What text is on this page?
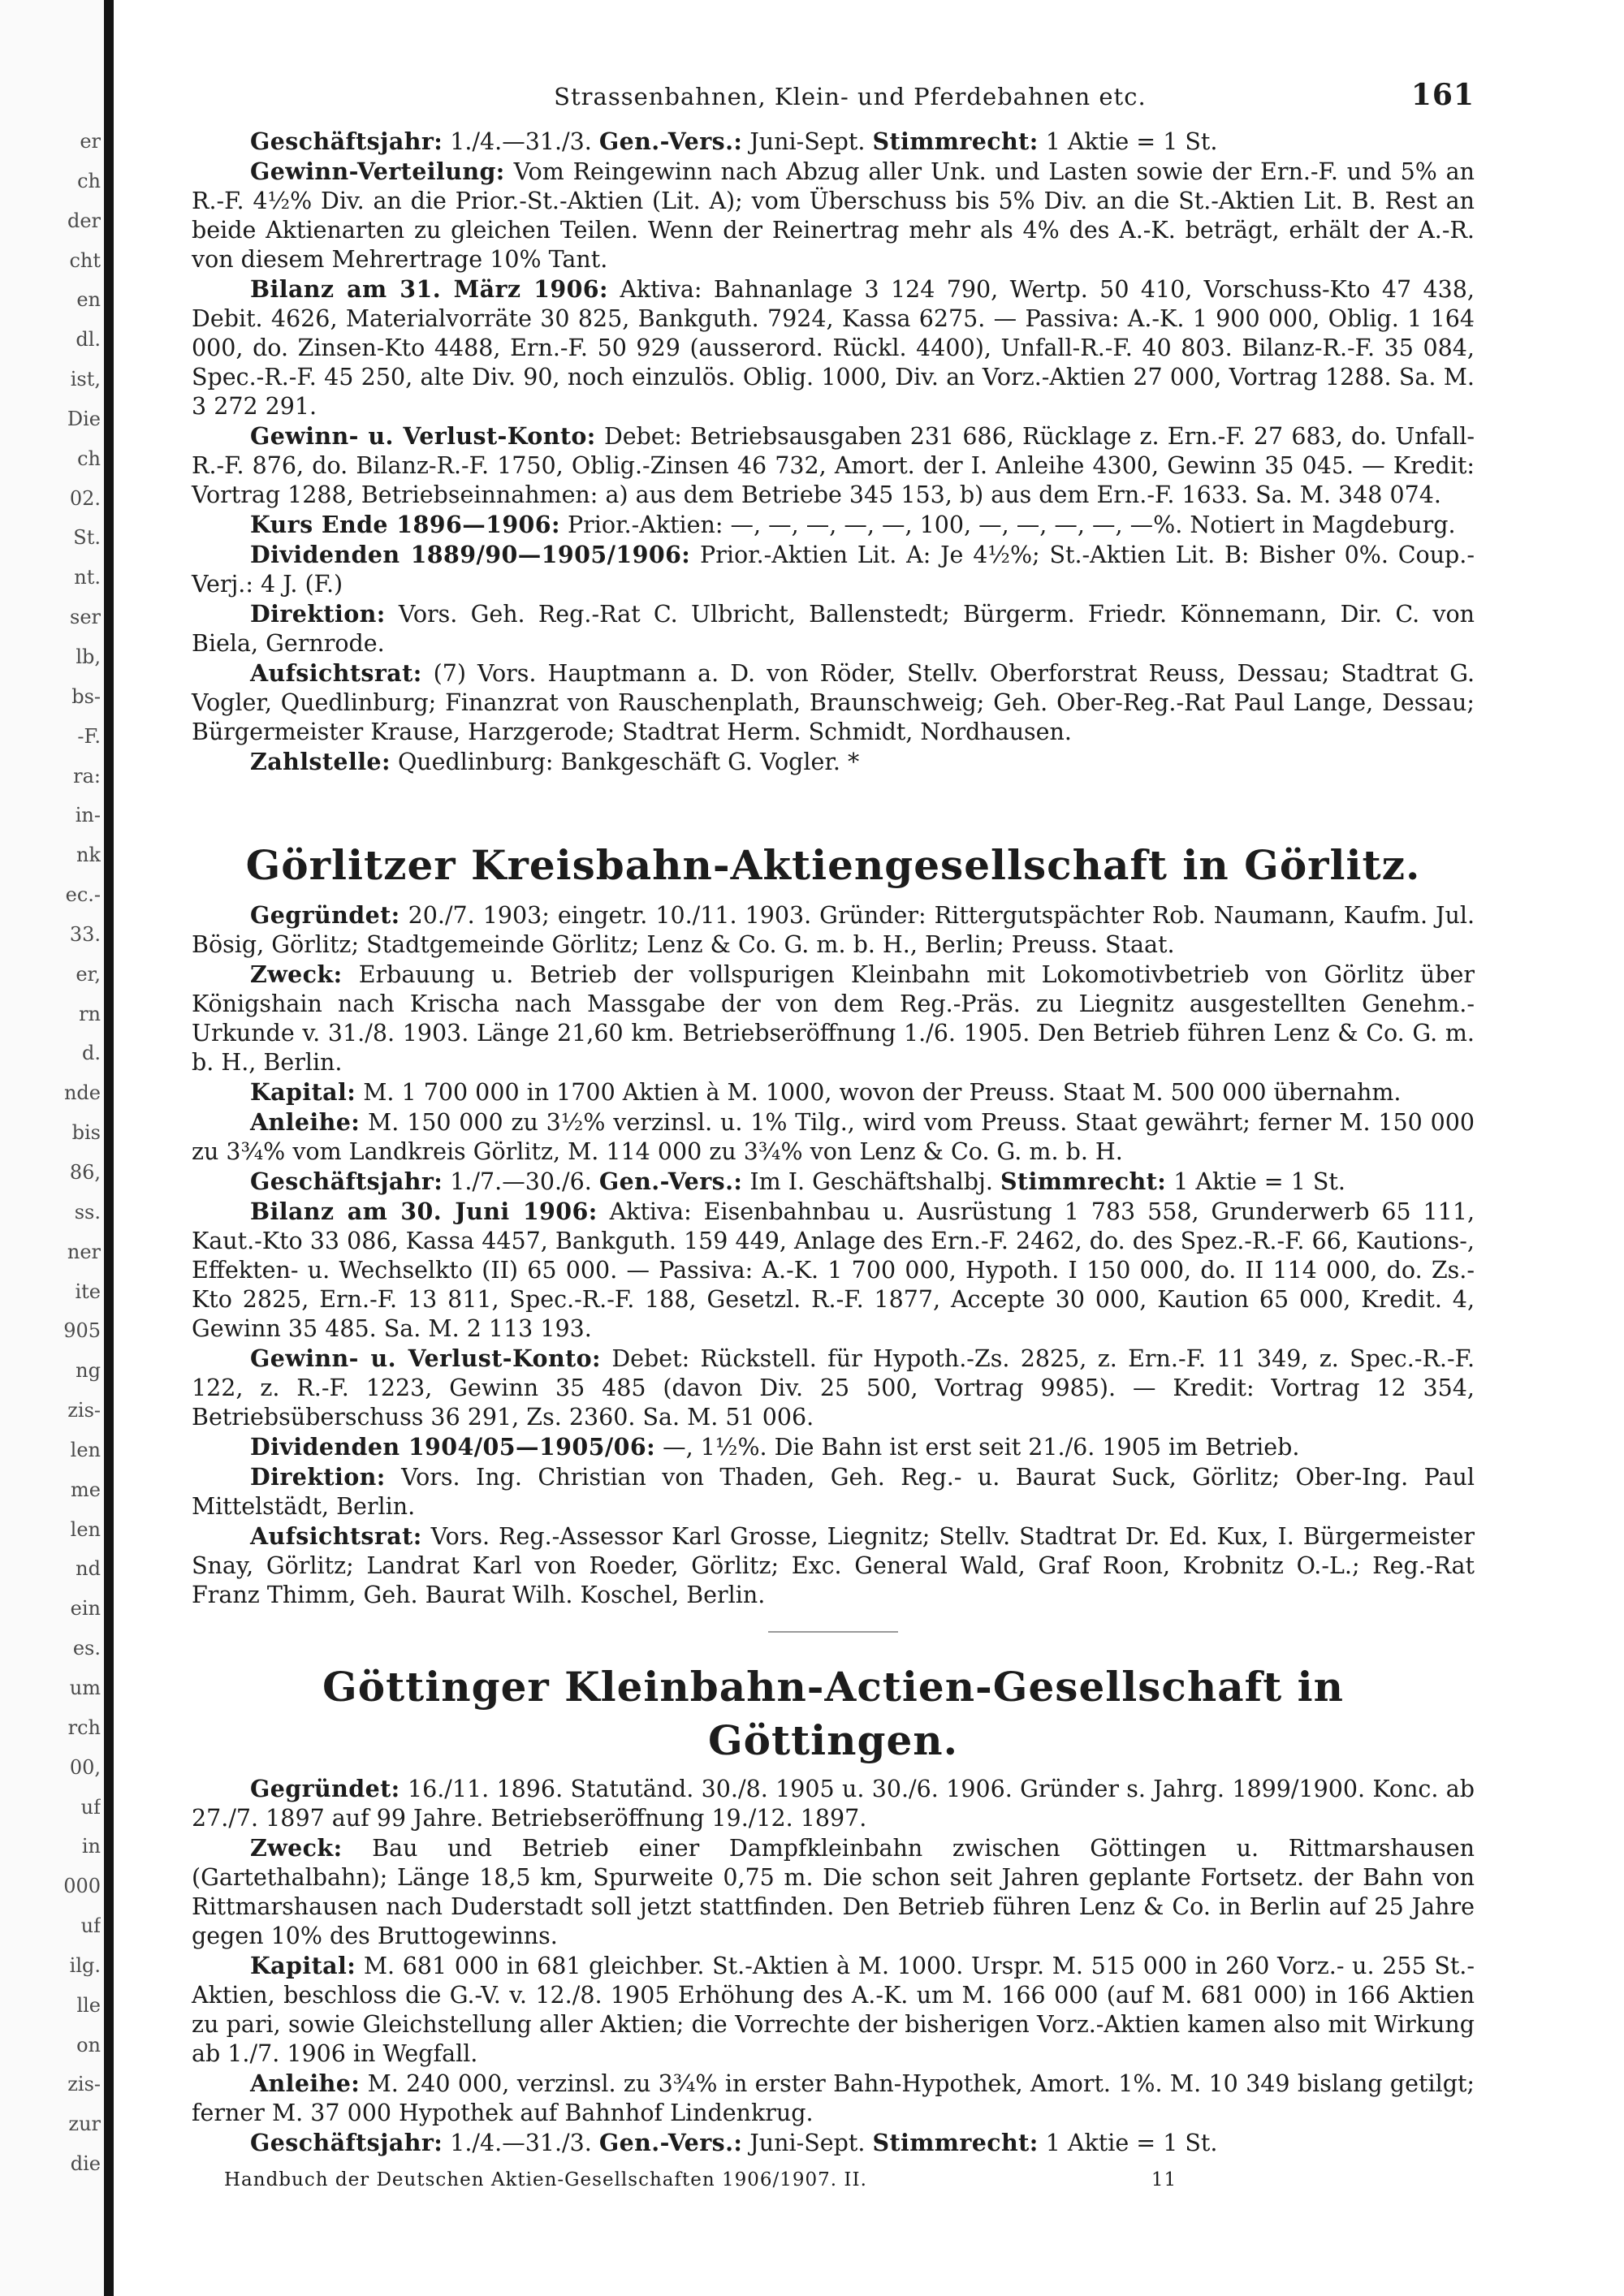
er
ch
der
cht
en
dl.
ist,
Die
ch
02.
St.
nt.
ser
lb,
bs-
-F.
ra:
in-
nk
ec.-
33.
er,
rn
d.
nde
bis
86,
ss.
ner
ite
905
ng
zis-
len
me
len
nd
ein
es.
um
rch
00,
uf
in
000
uf
ilg.
lle
on
zis-
zur
die
Strassenbahnen, Klein- und Pferdebahnen etc.	161

Geschäftsjahr: 1./4.—31./3. Gen.-Vers.: Juni-Sept. Stimmrecht: 1 Aktie = 1 St.

Gewinn-Verteilung: Vom Reingewinn nach Abzug aller Unk. und Lasten sowie der Ern.-F. und 5% an R.-F. 4½% Div. an die Prior.-St.-Aktien (Lit. A); vom Überschuss bis 5% Div. an die St.-Aktien Lit. B. Rest an beide Aktienarten zu gleichen Teilen. Wenn der Reinertrag mehr als 4% des A.-K. beträgt, erhält der A.-R. von diesem Mehrertrage 10% Tant.

Bilanz am 31. März 1906: Aktiva: Bahnanlage 3 124 790, Wertp. 50 410, Vorschuss-Kto 47 438, Debit. 4626, Materialvorräte 30 825, Bankguth. 7924, Kassa 6275. — Passiva: A.-K. 1 900 000, Oblig. 1 164 000, do. Zinsen-Kto 4488, Ern.-F. 50 929 (ausserord. Rückl. 4400), Unfall-R.-F. 40 803. Bilanz-R.-F. 35 084, Spec.-R.-F. 45 250, alte Div. 90, noch einzulös. Oblig. 1000, Div. an Vorz.-Aktien 27 000, Vortrag 1288. Sa. M. 3 272 291.

Gewinn- u. Verlust-Konto: Debet: Betriebsausgaben 231 686, Rücklage z. Ern.-F. 27 683, do. Unfall-R.-F. 876, do. Bilanz-R.-F. 1750, Oblig.-Zinsen 46 732, Amort. der I. Anleihe 4300, Gewinn 35 045. — Kredit: Vortrag 1288, Betriebseinnahmen: a) aus dem Betriebe 345 153, b) aus dem Ern.-F. 1633. Sa. M. 348 074.

Kurs Ende 1896—1906: Prior.-Aktien: —, —, —, —, —, 100, —, —, —, —, —%. Notiert in Magdeburg.

Dividenden 1889/90—1905/1906: Prior.-Aktien Lit. A: Je 4½%; St.-Aktien Lit. B: Bisher 0%. Coup.-Verj.: 4 J. (F.)

Direktion: Vors. Geh. Reg.-Rat C. Ulbricht, Ballenstedt; Bürgerm. Friedr. Könnemann, Dir. C. von Biela, Gernrode.

Aufsichtsrat: (7) Vors. Hauptmann a. D. von Röder, Stellv. Oberforstrat Reuss, Dessau; Stadtrat G. Vogler, Quedlinburg; Finanzrat von Rauschenplath, Braunschweig; Geh. Ober-Reg.-Rat Paul Lange, Dessau; Bürgermeister Krause, Harzgerode; Stadtrat Herm. Schmidt, Nordhausen.

Zahlstelle: Quedlinburg: Bankgeschäft G. Vogler. *

Görlitzer Kreisbahn-Aktiengesellschaft in Görlitz.

Gegründet: 20./7. 1903; eingetr. 10./11. 1903. Gründer: Rittergutspächter Rob. Naumann, Kaufm. Jul. Bösig, Görlitz; Stadtgemeinde Görlitz; Lenz & Co. G. m. b. H., Berlin; Preuss. Staat.

Zweck: Erbauung u. Betrieb der vollspurigen Kleinbahn mit Lokomotivbetrieb von Görlitz über Königshain nach Krischa nach Massgabe der von dem Reg.-Präs. zu Liegnitz ausgestellten Genehm.-Urkunde v. 31./8. 1903. Länge 21,60 km. Betriebseröffnung 1./6. 1905. Den Betrieb führen Lenz & Co. G. m. b. H., Berlin.

Kapital: M. 1 700 000 in 1700 Aktien à M. 1000, wovon der Preuss. Staat M. 500 000 übernahm.

Anleihe: M. 150 000 zu 3½% verzinsl. u. 1% Tilg., wird vom Preuss. Staat gewährt; ferner M. 150 000 zu 3¾% vom Landkreis Görlitz, M. 114 000 zu 3¾% von Lenz & Co. G. m. b. H.

Geschäftsjahr: 1./7.—30./6. Gen.-Vers.: Im I. Geschäftshalbj. Stimmrecht: 1 Aktie = 1 St.

Bilanz am 30. Juni 1906: Aktiva: Eisenbahnbau u. Ausrüstung 1 783 558, Grunderwerb 65 111, Kaut.-Kto 33 086, Kassa 4457, Bankguth. 159 449, Anlage des Ern.-F. 2462, do. des Spez.-R.-F. 66, Kautions-, Effekten- u. Wechselkto (II) 65 000. — Passiva: A.-K. 1 700 000, Hypoth. I 150 000, do. II 114 000, do. Zs.-Kto 2825, Ern.-F. 13 811, Spec.-R.-F. 188, Gesetzl. R.-F. 1877, Accepte 30 000, Kaution 65 000, Kredit. 4, Gewinn 35 485. Sa. M. 2 113 193.

Gewinn- u. Verlust-Konto: Debet: Rückstell. für Hypoth.-Zs. 2825, z. Ern.-F. 11 349, z. Spec.-R.-F. 122, z. R.-F. 1223, Gewinn 35 485 (davon Div. 25 500, Vortrag 9985). — Kredit: Vortrag 12 354, Betriebsüberschuss 36 291, Zs. 2360. Sa. M. 51 006.

Dividenden 1904/05—1905/06: —, 1½%. Die Bahn ist erst seit 21./6. 1905 im Betrieb.

Direktion: Vors. Ing. Christian von Thaden, Geh. Reg.- u. Baurat Suck, Görlitz; Ober-Ing. Paul Mittelstädt, Berlin.

Aufsichtsrat: Vors. Reg.-Assessor Karl Grosse, Liegnitz; Stellv. Stadtrat Dr. Ed. Kux, I. Bürgermeister Snay, Görlitz; Landrat Karl von Roeder, Görlitz; Exc. General Wald, Graf Roon, Krobnitz O.-L.; Reg.-Rat Franz Thimm, Geh. Baurat Wilh. Koschel, Berlin.

Göttinger Kleinbahn-Actien-Gesellschaft in Göttingen.

Gegründet: 16./11. 1896. Statutänd. 30./8. 1905 u. 30./6. 1906. Gründer s. Jahrg. 1899/1900. Konc. ab 27./7. 1897 auf 99 Jahre. Betriebseröffnung 19./12. 1897.

Zweck: Bau und Betrieb einer Dampfkleinbahn zwischen Göttingen u. Rittmarshausen (Gartethalbahn); Länge 18,5 km, Spurweite 0,75 m. Die schon seit Jahren geplante Fortsetz. der Bahn von Rittmarshausen nach Duderstadt soll jetzt stattfinden. Den Betrieb führen Lenz & Co. in Berlin auf 25 Jahre gegen 10% des Bruttogewinns.

Kapital: M. 681 000 in 681 gleichber. St.-Aktien à M. 1000. Urspr. M. 515 000 in 260 Vorz.- u. 255 St.-Aktien, beschloss die G.-V. v. 12./8. 1905 Erhöhung des A.-K. um M. 166 000 (auf M. 681 000) in 166 Aktien zu pari, sowie Gleichstellung aller Aktien; die Vorrechte der bisherigen Vorz.-Aktien kamen also mit Wirkung ab 1./7. 1906 in Wegfall.

Anleihe: M. 240 000, verzinsl. zu 3¾% in erster Bahn-Hypothek, Amort. 1%. M. 10 349 bislang getilgt; ferner M. 37 000 Hypothek auf Bahnhof Lindenkrug.

Geschäftsjahr: 1./4.—31./3. Gen.-Vers.: Juni-Sept. Stimmrecht: 1 Aktie = 1 St.

Handbuch der Deutschen Aktien-Gesellschaften 1906/1907. II.	11
